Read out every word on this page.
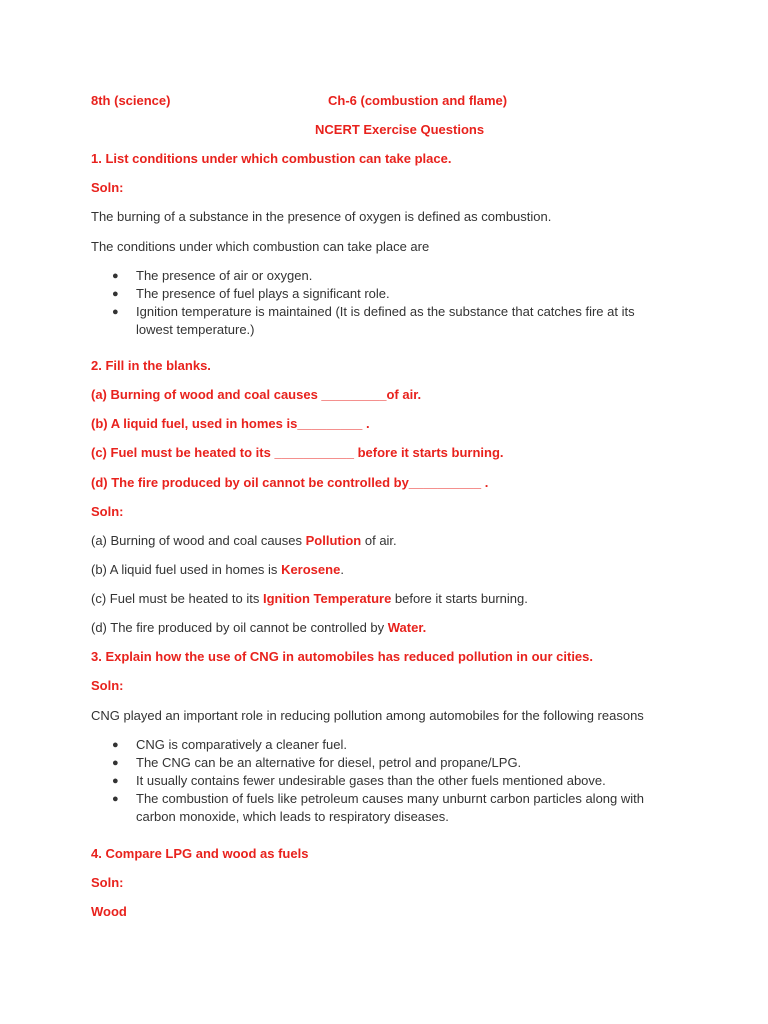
8th (science)	Ch-6 (combustion and flame)
NCERT Exercise Questions
1. List conditions under which combustion can take place.
Soln:
The burning of a substance in the presence of oxygen is defined as combustion.
The conditions under which combustion can take place are
● The presence of air or oxygen.
● The presence of fuel plays a significant role.
● Ignition temperature is maintained (It is defined as the substance that catches fire at its lowest temperature.)
2. Fill in the blanks.
(a) Burning of wood and coal causes _________of air.
(b) A liquid fuel, used in homes is_________ .
(c) Fuel must be heated to its ___________ before it starts burning.
(d) The fire produced by oil cannot be controlled by__________ .
Soln:
(a) Burning of wood and coal causes Pollution of air.
(b) A liquid fuel used in homes is Kerosene.
(c) Fuel must be heated to its Ignition Temperature before it starts burning.
(d) The fire produced by oil cannot be controlled by Water.
3. Explain how the use of CNG in automobiles has reduced pollution in our cities.
Soln:
CNG played an important role in reducing pollution among automobiles for the following reasons
● CNG is comparatively a cleaner fuel.
● The CNG can be an alternative for diesel, petrol and propane/LPG.
● It usually contains fewer undesirable gases than the other fuels mentioned above.
● The combustion of fuels like petroleum causes many unburnt carbon particles along with carbon monoxide, which leads to respiratory diseases.
4. Compare LPG and wood as fuels
Soln:
Wood
